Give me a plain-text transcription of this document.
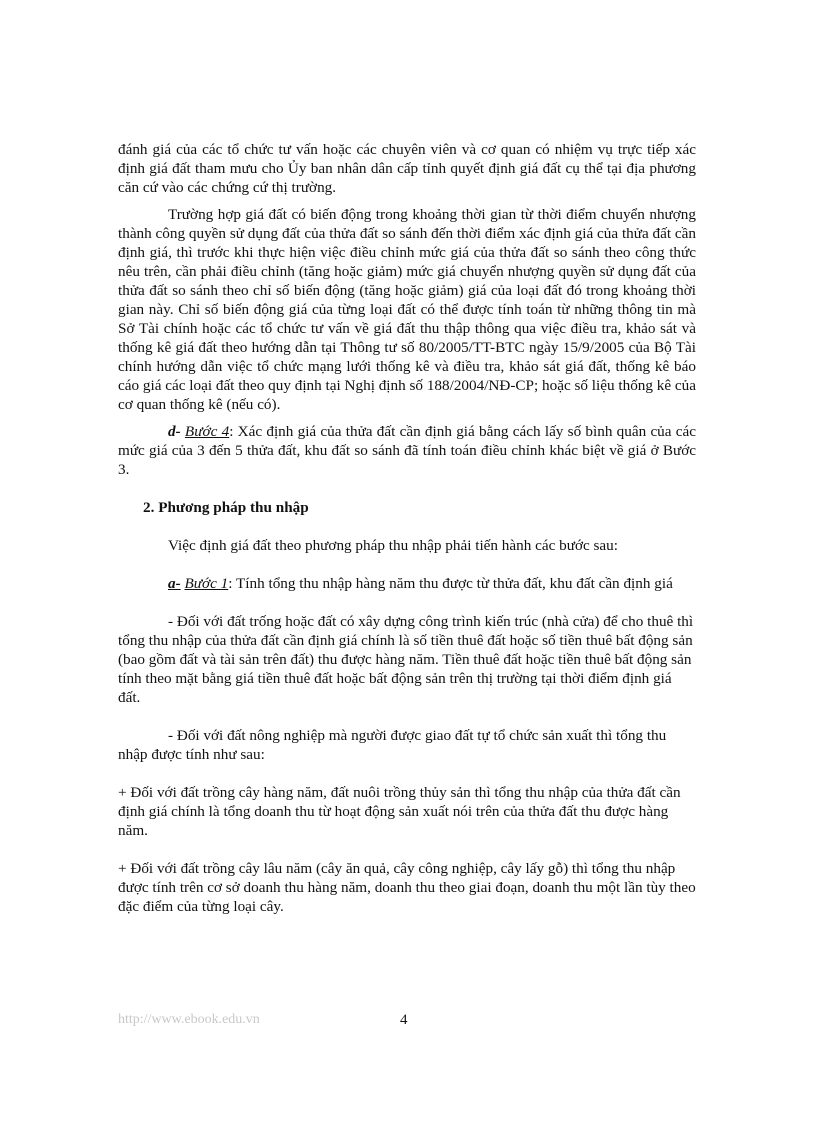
đánh giá của các tổ chức tư vấn hoặc các chuyên viên và cơ quan có nhiệm vụ trực tiếp xác định giá đất tham mưu cho Ủy ban nhân dân cấp tỉnh quyết định giá đất cụ thể tại địa phương căn cứ vào các chứng cứ thị trường.

Trường hợp giá đất có biến động trong khoảng thời gian từ thời điểm chuyển nhượng thành công quyền sử dụng đất của thửa đất so sánh đến thời điểm xác định giá của thửa đất cần định giá, thì trước khi thực hiện việc điều chỉnh mức giá của thửa đất so sánh theo công thức nêu trên, cần phải điều chỉnh (tăng hoặc giảm) mức giá chuyển nhượng quyền sử dụng đất của thửa đất so sánh theo chỉ số biến động (tăng hoặc giảm) giá của loại đất đó trong khoảng thời gian này. Chỉ số biến động giá của từng loại đất có thể được tính toán từ những thông tin mà Sở Tài chính hoặc các tổ chức tư vấn về giá đất thu thập thông qua việc điều tra, khảo sát và thống kê giá đất theo hướng dẫn tại Thông tư số 80/2005/TT-BTC ngày 15/9/2005 của Bộ Tài chính hướng dẫn việc tổ chức mạng lưới thống kê và điều tra, khảo sát giá đất, thống kê báo cáo giá các loại đất theo quy định tại Nghị định số 188/2004/NĐ-CP; hoặc số liệu thống kê của cơ quan thống kê (nếu có).

d- Bước 4: Xác định giá của thửa đất cần định giá bằng cách lấy số bình quân của các mức giá của 3 đến 5 thửa đất, khu đất so sánh đã tính toán điều chỉnh khác biệt về giá ở Bước 3.

2. Phương pháp thu nhập

Việc định giá đất theo phương pháp thu nhập phải tiến hành các bước sau:

a- Bước 1: Tính tổng thu nhập hàng năm thu được từ thửa đất, khu đất cần định giá

- Đối với đất trống hoặc đất có xây dựng công trình kiến trúc (nhà cửa) để cho thuê thì tổng thu nhập của thửa đất cần định giá chính là số tiền thuê đất hoặc số tiền thuê bất động sản (bao gồm đất và tài sản trên đất) thu được hàng năm. Tiền thuê đất hoặc tiền thuê bất động sản tính theo mặt bằng giá tiền thuê đất hoặc bất động sản trên thị trường tại thời điểm định giá đất.

- Đối với đất nông nghiệp mà người được giao đất tự tổ chức sản xuất thì tổng thu nhập được tính như sau:

+ Đối với đất trồng cây hàng năm, đất nuôi trồng thủy sản thì tổng thu nhập của thửa đất cần định giá chính là tổng doanh thu từ hoạt động sản xuất nói trên của thửa đất thu được hàng năm.

+ Đối với đất trồng cây lâu năm (cây ăn quả, cây công nghiệp, cây lấy gỗ) thì tổng thu nhập được tính trên cơ sở doanh thu hàng năm, doanh thu theo giai đoạn, doanh thu một lần tùy theo đặc điểm của từng loại cây.

http://www.ebook.edu.vn	4
